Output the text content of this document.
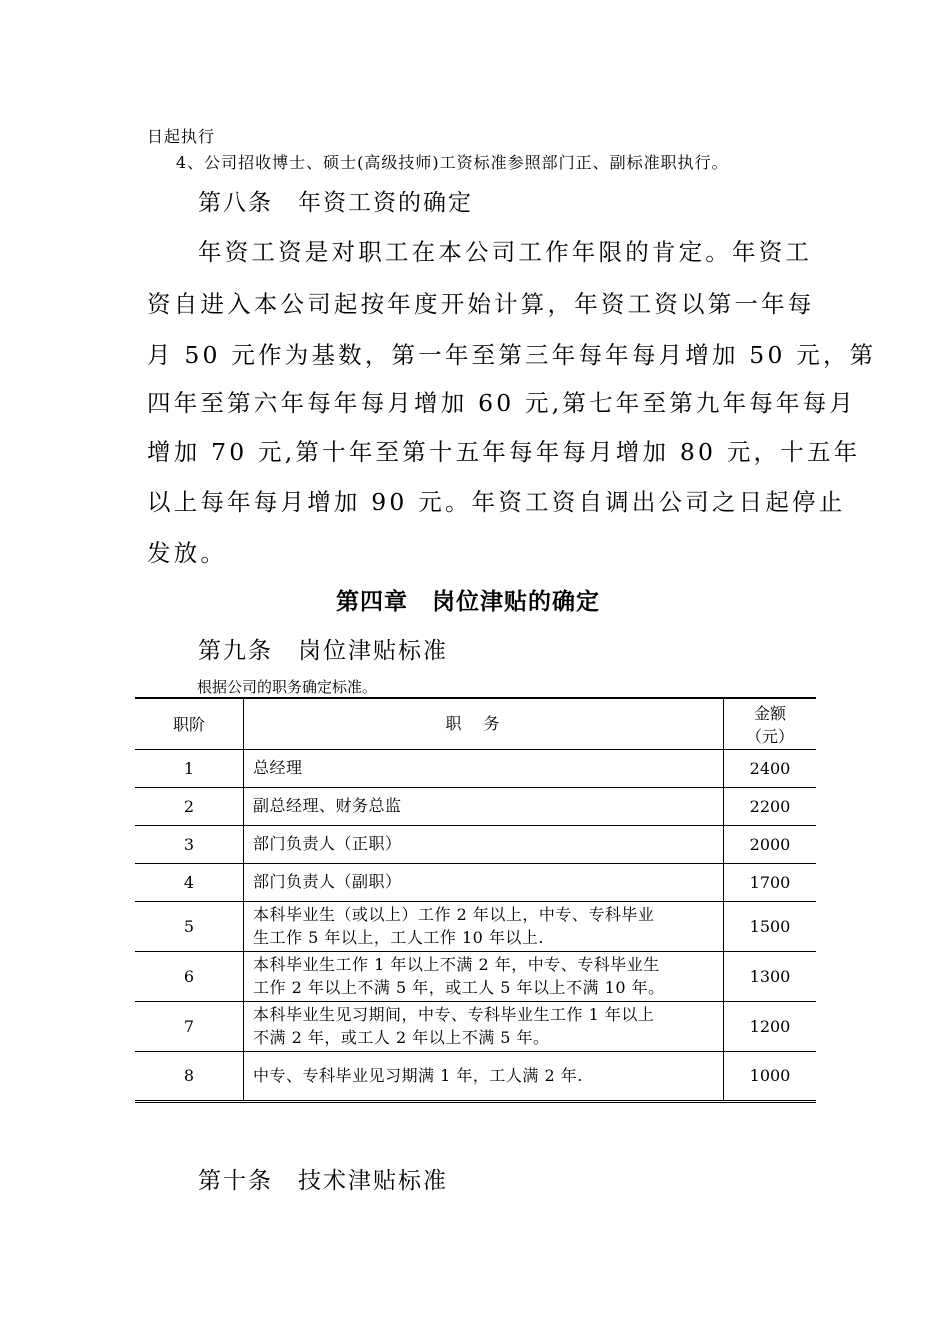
日起执行
4、公司招收博士、硕士(高级技师)工资标准参照部门正、副标准职执行。
第八条　年资工资的确定
年资工资是对职工在本公司工作年限的肯定。年资工
资自进入本公司起按年度开始计算，年资工资以第一年每
月 50 元作为基数，第一年至第三年每年每月增加 50 元，第
四年至第六年每年每月增加 60 元,第七年至第九年每年每月
增加 70 元,第十年至第十五年每年每月增加 80 元，十五年
以上每年每月增加 90 元。年资工资自调出公司之日起停止
发放。
第四章　岗位津贴的确定
第九条　岗位津贴标准
根据公司的职务确定标准。
职阶	职务	金额
（元）

1	总经理	2400
2	副总经理、财务总监	2200
3	部门负责人（正职）	2000
4	部门负责人（副职）	1700
5	本科毕业生（或以上）工作 2 年以上，中专、专科毕业
生工作 5 年以上，工人工作 10 年以上.	1500
6	本科毕业生工作 1 年以上不满 2 年，中专、专科毕业生
工作 2 年以上不满 5 年，或工人 5 年以上不满 10 年。	1300
7	本科毕业生见习期间，中专、专科毕业生工作 1 年以上
不满 2 年，或工人 2 年以上不满 5 年。	1200
8	中专、专科毕业见习期满 1 年，工人满 2 年.	1000
第十条　技术津贴标准
